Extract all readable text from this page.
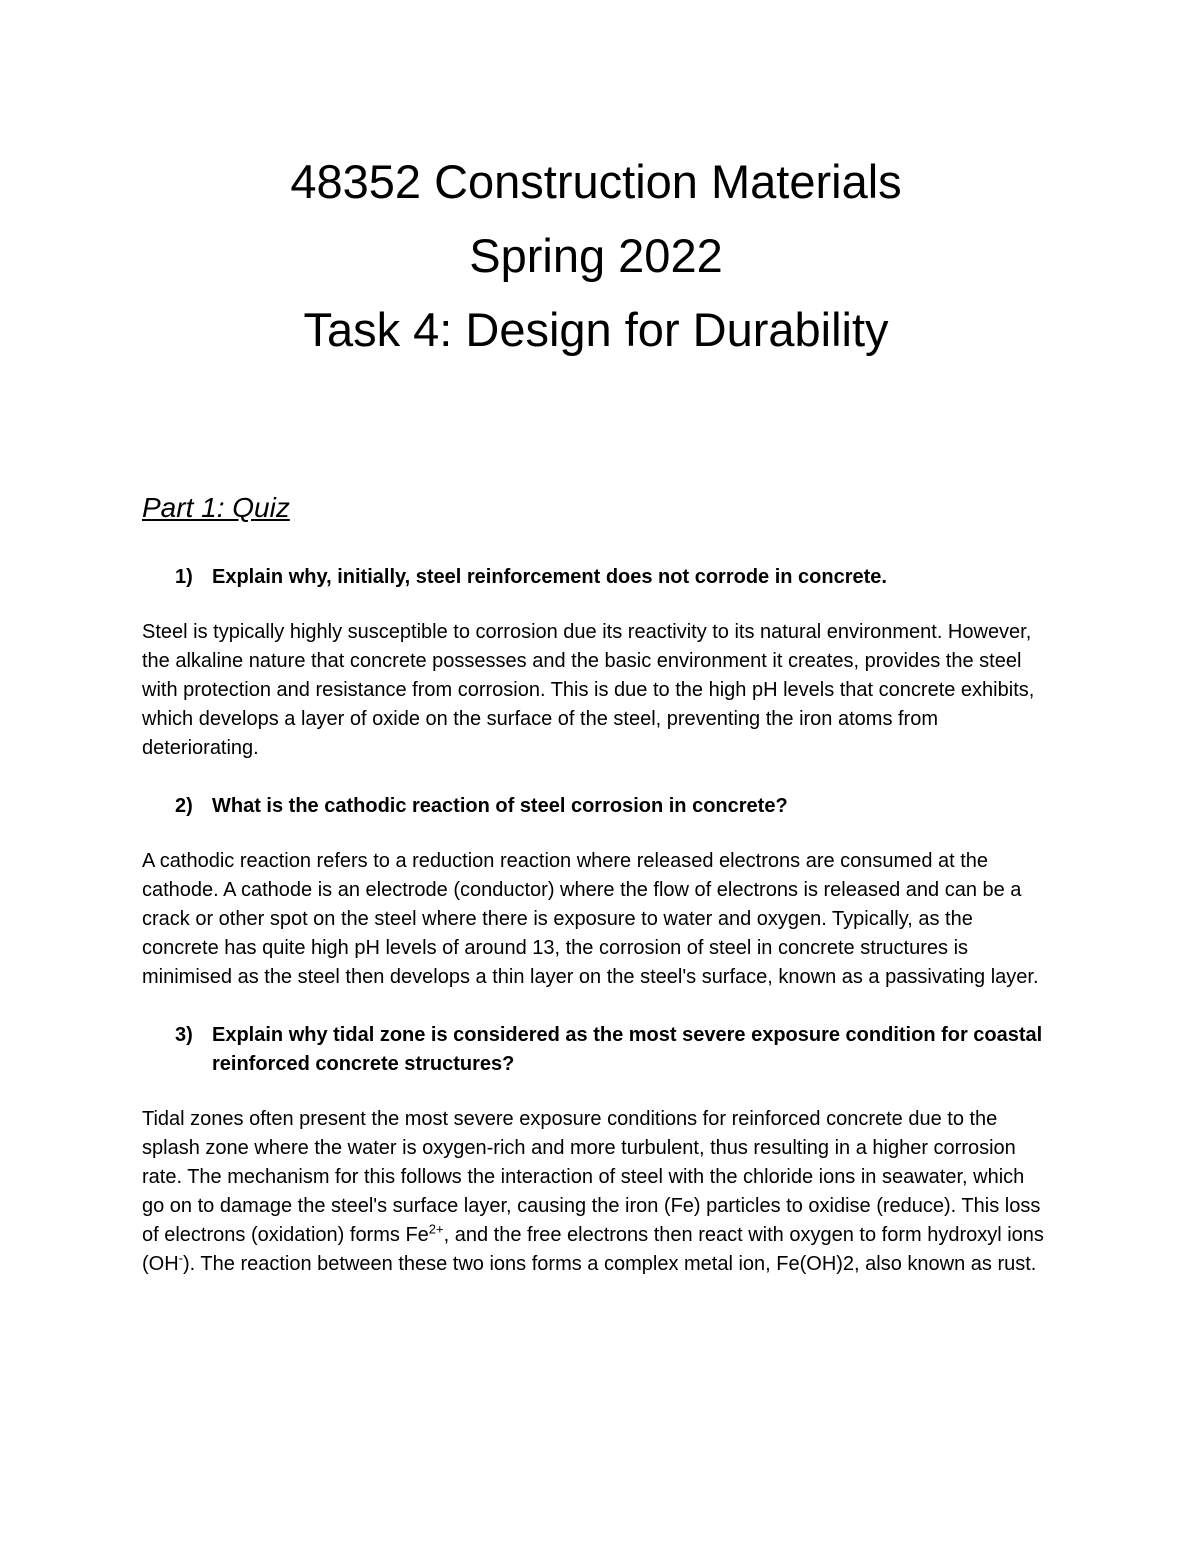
48352 Construction Materials

Spring 2022

Task 4: Design for Durability

Part 1: Quiz
1) Explain why, initially, steel reinforcement does not corrode in concrete.

Steel is typically highly susceptible to corrosion due its reactivity to its natural environment. However, the alkaline nature that concrete possesses and the basic environment it creates, provides the steel with protection and resistance from corrosion. This is due to the high pH levels that concrete exhibits, which develops a layer of oxide on the surface of the steel, preventing the iron atoms from deteriorating.

2) What is the cathodic reaction of steel corrosion in concrete?

A cathodic reaction refers to a reduction reaction where released electrons are consumed at the cathode. A cathode is an electrode (conductor) where the flow of electrons is released and can be a crack or other spot on the steel where there is exposure to water and oxygen. Typically, as the concrete has quite high pH levels of around 13, the corrosion of steel in concrete structures is minimised as the steel then develops a thin layer on the steel's surface, known as a passivating layer.

3) Explain why tidal zone is considered as the most severe exposure condition for coastal reinforced concrete structures?

Tidal zones often present the most severe exposure conditions for reinforced concrete due to the splash zone where the water is oxygen-rich and more turbulent, thus resulting in a higher corrosion rate. The mechanism for this follows the interaction of steel with the chloride ions in seawater, which go on to damage the steel's surface layer, causing the iron (Fe) particles to oxidise (reduce). This loss of electrons (oxidation) forms $Fe^{2+}$, and the free electrons then react with oxygen to form hydroxyl ions (OH-). The reaction between these two ions forms a complex metal ion, Fe(OH)2, also known as rust.
